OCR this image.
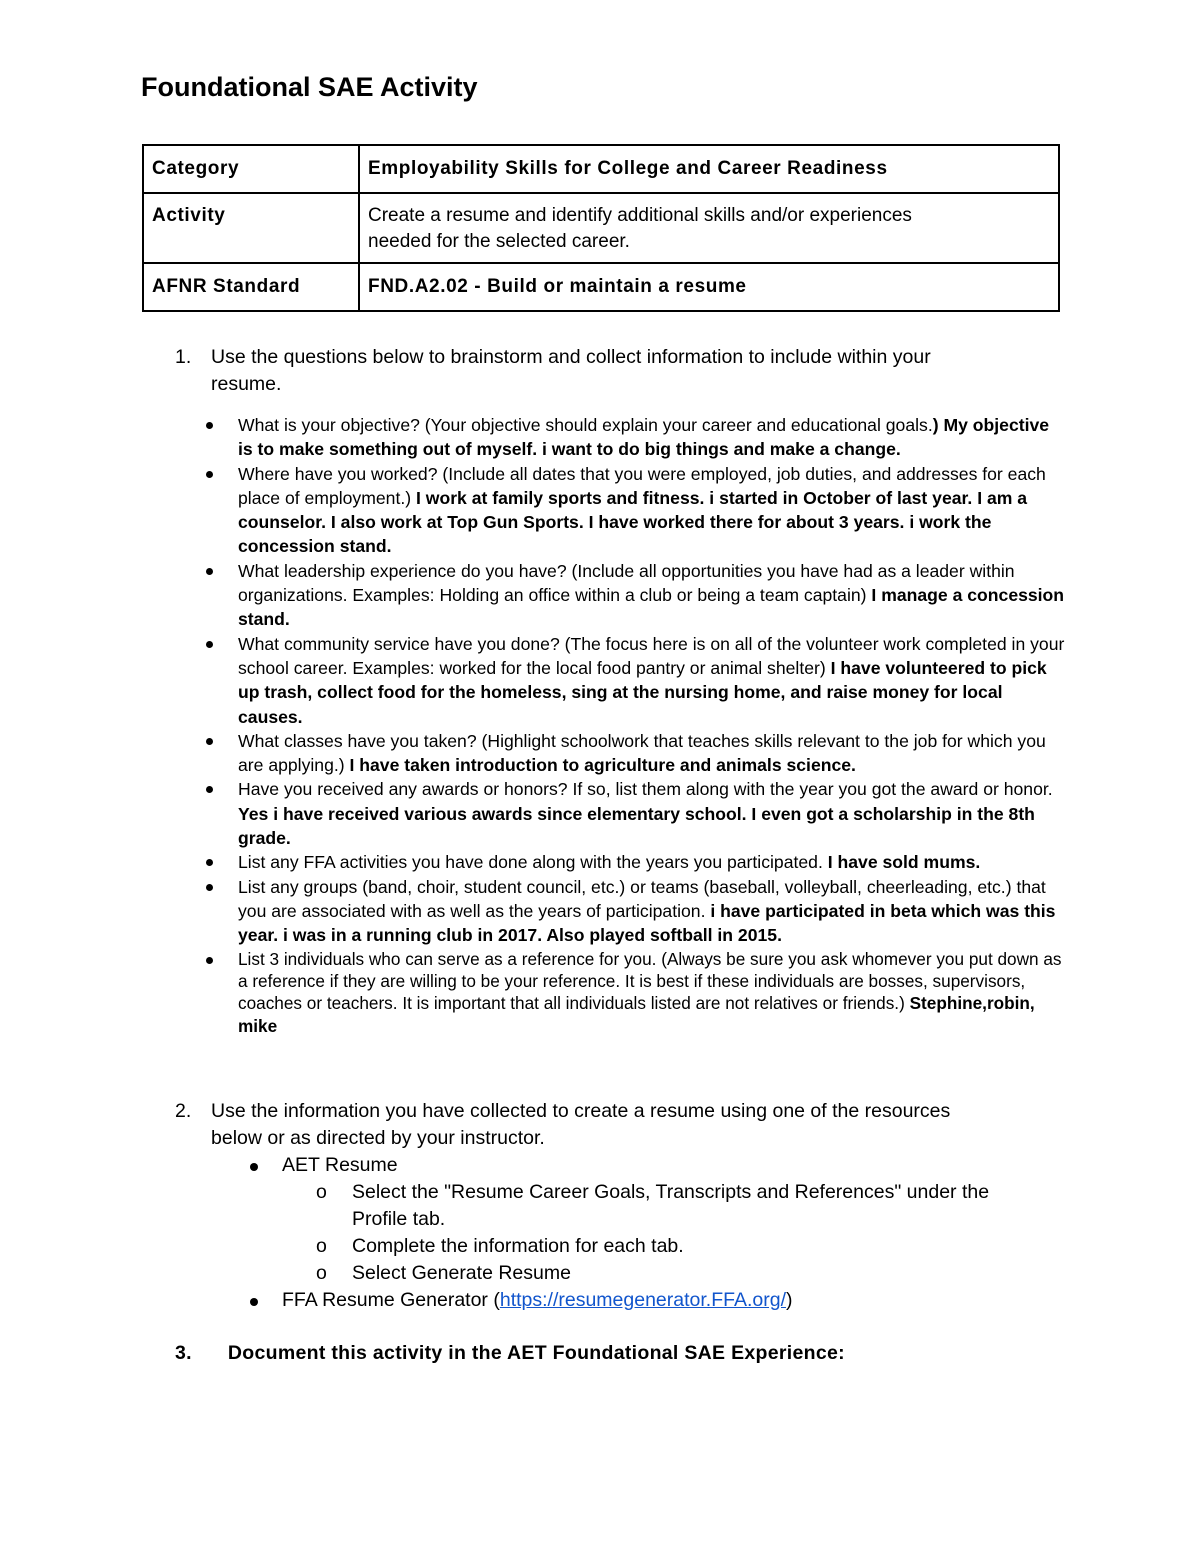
Foundational SAE Activity
Category	Employability Skills for College and Career Readiness
Activity	Create a resume and identify additional skills and/or experiences
needed for the selected career.
AFNR Standard	FND.A2.02 - Build or maintain a resume
1. Use the questions below to brainstorm and collect information to include within your
resume.
What is your objective? (Your objective should explain your career and educational goals.) My objective is to make something out of myself. i want to do big things and make a change.
Where have you worked? (Include all dates that you were employed, job duties, and addresses for each place of employment.) I work at family sports and fitness. i started in October of last year. I am a counselor. I also work at Top Gun Sports. I have worked there for about 3 years. i work the concession stand.
What leadership experience do you have? (Include all opportunities you have had as a leader within organizations. Examples: Holding an office within a club or being a team captain) I manage a concession stand.
What community service have you done? (The focus here is on all of the volunteer work completed in your school career. Examples: worked for the local food pantry or animal shelter) I have volunteered to pick up trash, collect food for the homeless, sing at the nursing home, and raise money for local causes.
What classes have you taken? (Highlight schoolwork that teaches skills relevant to the job for which you are applying.) I have taken introduction to agriculture and animals science.
Have you received any awards or honors? If so, list them along with the year you got the award or honor. Yes i have received various awards since elementary school. I even got a scholarship in the 8th grade.
List any FFA activities you have done along with the years you participated. I have sold mums.
List any groups (band, choir, student council, etc.) or teams (baseball, volleyball, cheerleading, etc.) that you are associated with as well as the years of participation. i have participated in beta which was this year. i was in a running club in 2017. Also played softball in 2015.
List 3 individuals who can serve as a reference for you. (Always be sure you ask whomever you put down as a reference if they are willing to be your reference. It is best if these individuals are bosses, supervisors, coaches or teachers. It is important that all individuals listed are not relatives or friends.) Stephine,robin, mike
2. Use the information you have collected to create a resume using one of the resources
below or as directed by your instructor.
AET Resume
o Select the "Resume Career Goals, Transcripts and References" under the
Profile tab.
o Complete the information for each tab.
o Select Generate Resume
FFA Resume Generator (https://resumegenerator.FFA.org/)
3. Document this activity in the AET Foundational SAE Experience:
